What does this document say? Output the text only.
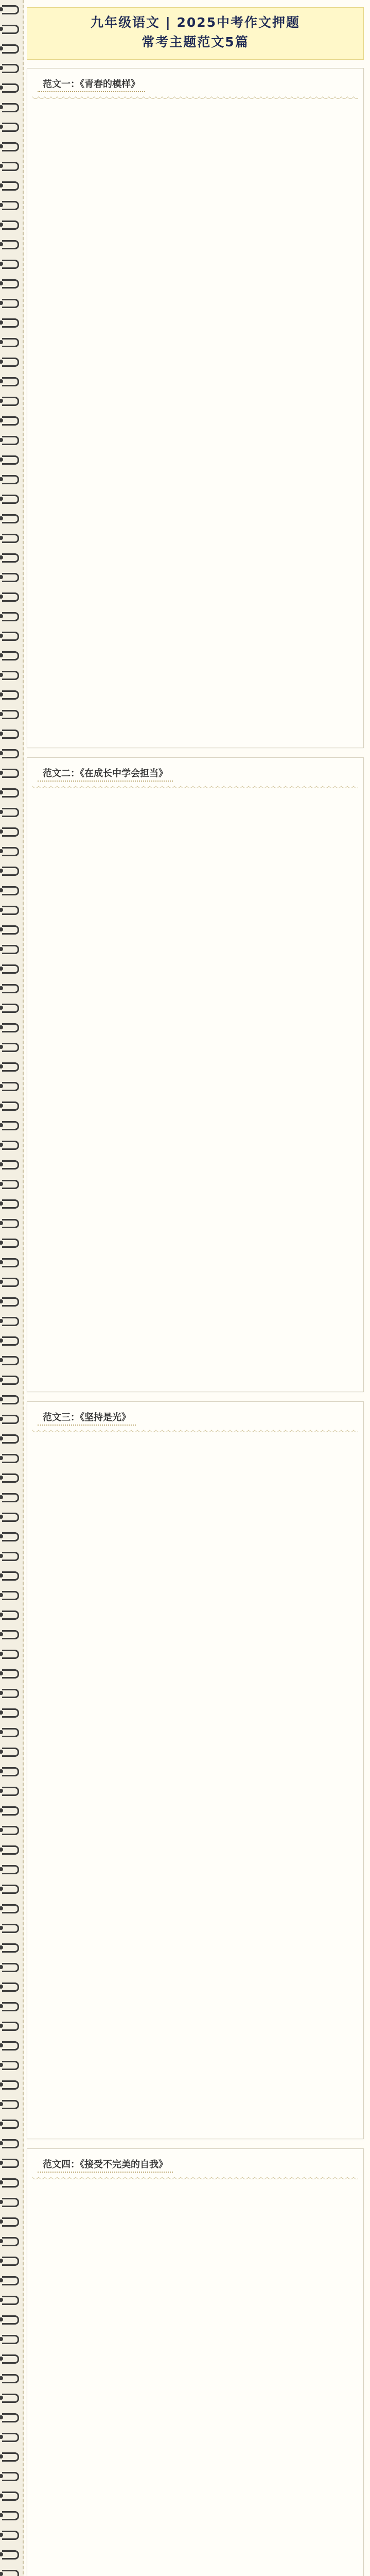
九年级语文 | 2025中考作文押题
常考主题范文5篇
范文一：《青春的模样》
范文二：《在成长中学会担当》
范文三：《坚持是光》
范文四：《接受不完美的自我》
